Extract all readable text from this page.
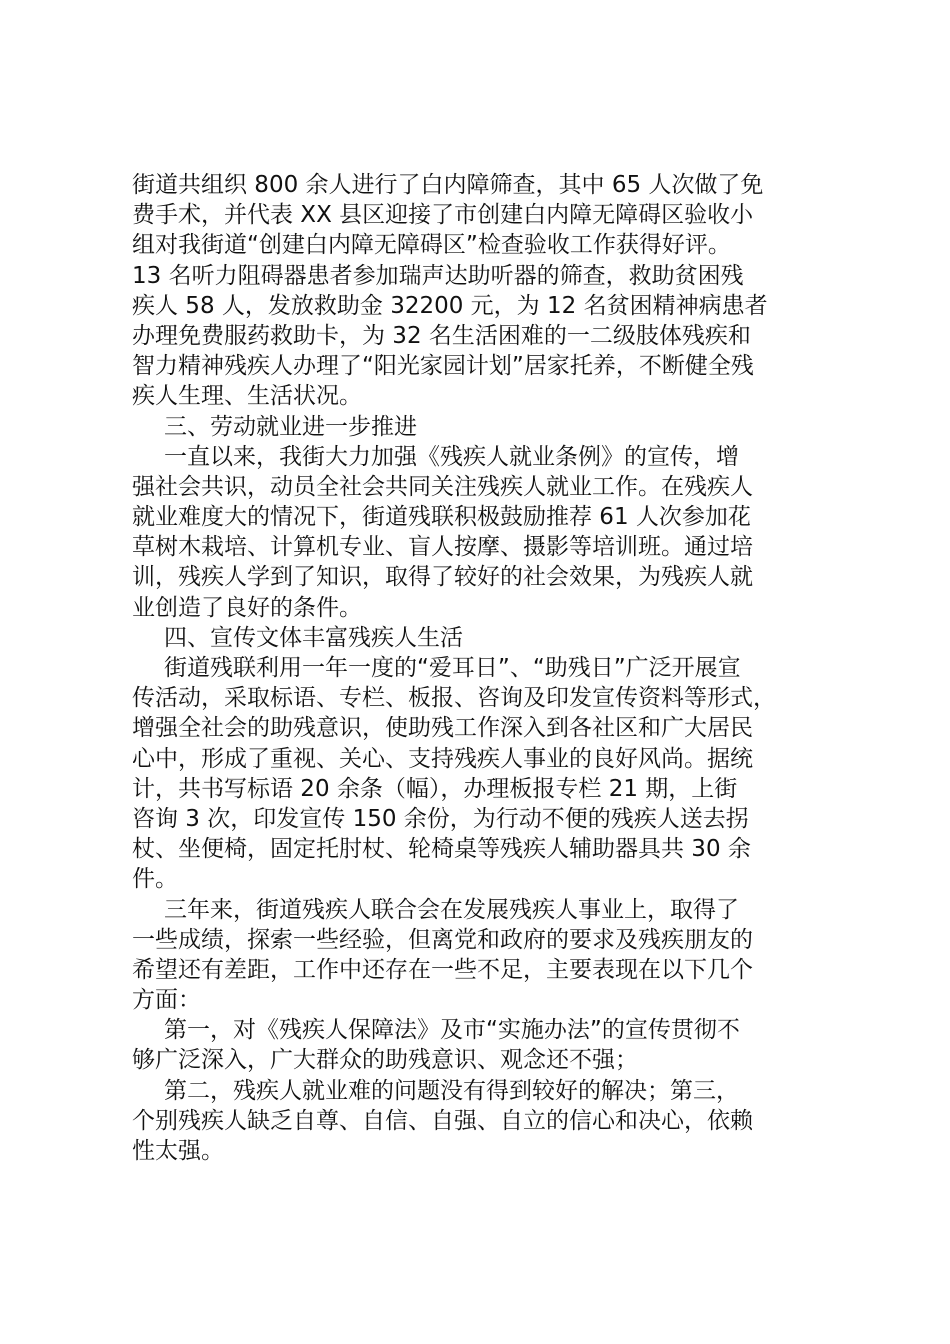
街道共组织 800 余人进行了白内障筛查，其中 65 人次做了免
费手术，并代表 XX 县区迎接了市创建白内障无障碍区验收小
组对我街道“创建白内障无障碍区”检查验收工作获得好评。
13 名听力阻碍器患者参加瑞声达助听器的筛查，救助贫困残
疾人 58 人，发放救助金 32200 元，为 12 名贫困精神病患者
办理免费服药救助卡，为 32 名生活困难的一二级肢体残疾和
智力精神残疾人办理了“阳光家园计划”居家托养，不断健全残
疾人生理、生活状况。
三、劳动就业进一步推进
一直以来，我街大力加强《残疾人就业条例》的宣传，增
强社会共识，动员全社会共同关注残疾人就业工作。在残疾人
就业难度大的情况下，街道残联积极鼓励推荐 61 人次参加花
草树木栽培、计算机专业、盲人按摩、摄影等培训班。通过培
训，残疾人学到了知识，取得了较好的社会效果，为残疾人就
业创造了良好的条件。
四、宣传文体丰富残疾人生活
街道残联利用一年一度的“爱耳日”、“助残日”广泛开展宣
传活动，采取标语、专栏、板报、咨询及印发宣传资料等形式，
增强全社会的助残意识，使助残工作深入到各社区和广大居民
心中，形成了重视、关心、支持残疾人事业的良好风尚。据统
计，共书写标语 20 余条（幅），办理板报专栏 21 期，上街
咨询 3 次，印发宣传 150 余份，为行动不便的残疾人送去拐
杖、坐便椅，固定托肘杖、轮椅桌等残疾人辅助器具共 30 余
件。
三年来，街道残疾人联合会在发展残疾人事业上，取得了
一些成绩，探索一些经验，但离党和政府的要求及残疾朋友的
希望还有差距，工作中还存在一些不足，主要表现在以下几个
方面：
第一，对《残疾人保障法》及市“实施办法”的宣传贯彻不
够广泛深入，广大群众的助残意识、观念还不强；
第二，残疾人就业难的问题没有得到较好的解决；第三，
个别残疾人缺乏自尊、自信、自强、自立的信心和决心，依赖
性太强。
